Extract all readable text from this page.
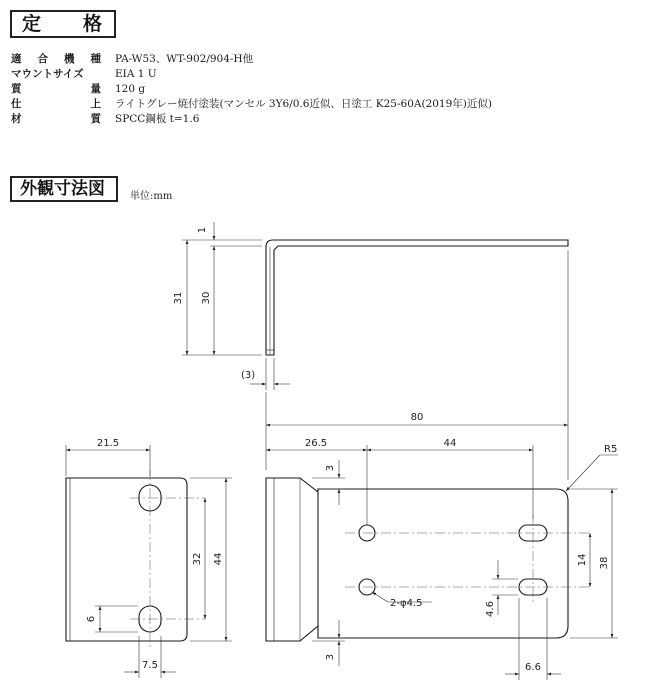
定 格
適 合 機 種	PA-W53、WT-902/904-H他

マウントサイズ	EIA 1 U

質 量	120 g

仕 上	ライトグレー焼付塗装(マンセル 3Y6/0.6近似、日塗工 K25-60A(2019年)近似)

材 質	SPCC鋼板 t=1.6
外観寸法図	単位:mm
1
31 30
(3)
80
21.5
32 44
6
7.5
26.5	44
R5
3
3
2-φ4.5
14 38
4.6
6.6
